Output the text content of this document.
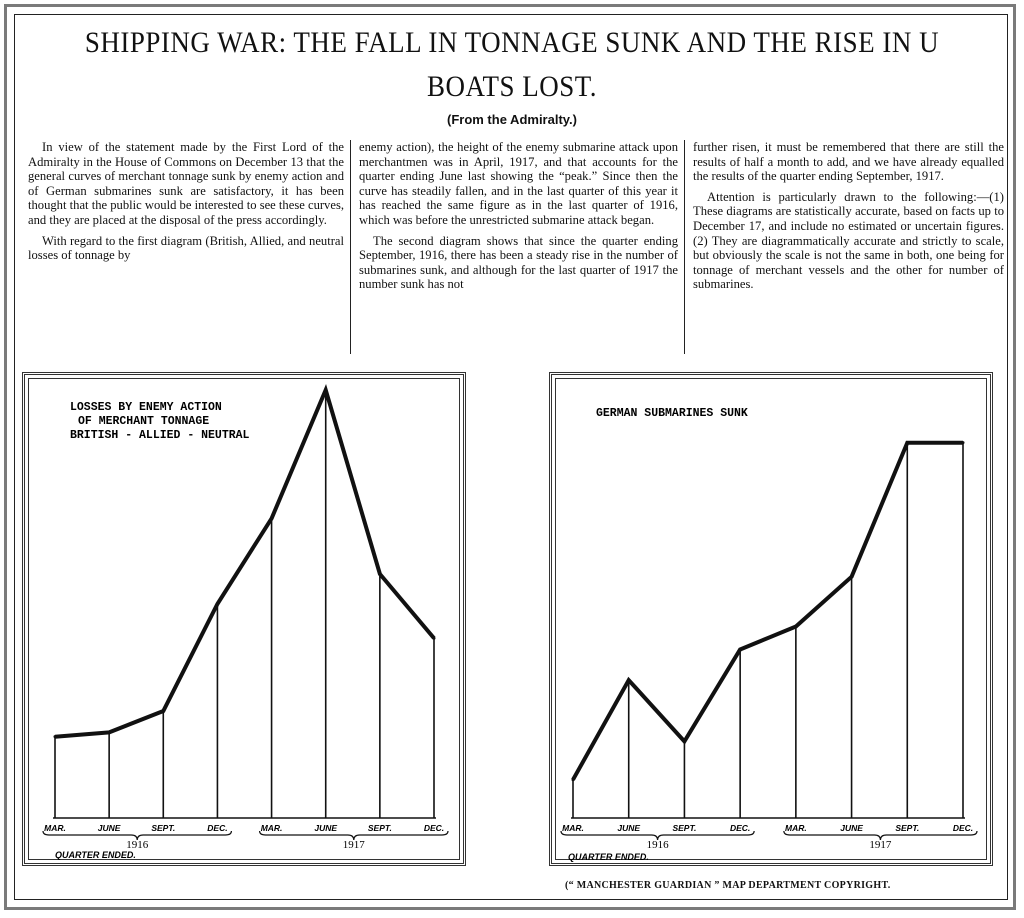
SHIPPING WAR: THE FALL IN TONNAGE SUNK AND THE RISE IN U BOATS LOST.
(From the Admiralty.)

In view of the statement made by the First Lord of the Admiralty in the House of Commons on December 13 that the general curves of merchant tonnage sunk by enemy action and of German submarines sunk are satisfactory, it has been thought that the public would be interested to see these curves, and they are placed at the disposal of the press accordingly.

With regard to the first diagram (British, Allied, and neutral losses of tonnage by

enemy action), the height of the enemy submarine attack upon merchantmen was in April, 1917, and that accounts for the quarter ending June last showing the “peak.” Since then the curve has steadily fallen, and in the last quarter of this year it has reached the same figure as in the last quarter of 1916, which was before the unrestricted submarine attack began.

The second diagram shows that since the quarter ending September, 1916, there has been a steady rise in the number of submarines sunk, and although for the last quarter of 1917 the number sunk has not

further risen, it must be remembered that there are still the results of half a month to add, and we have already equalled the results of the quarter ending September, 1917.

Attention is particularly drawn to the following:—(1) These diagrams are statistically accurate, based on facts up to December 17, and include no estimated or uncertain figures. (2) They are diagrammatically accurate and strictly to scale, but obviously the scale is not the same in both, one being for tonnage of merchant vessels and the other for number of submarines.

LOSSES BY ENEMY ACTION
OF MERCHANT TONNAGE
BRITISH - ALLIED - NEUTRAL
MAR.	JUNE	SEPT.	DEC.	MAR.	JUNE	SEPT.	DEC.
1916	1917
QUARTER ENDED.
GERMAN SUBMARINES SUNK
MAR.	JUNE	SEPT.	DEC.	MAR.	JUNE	SEPT.	DEC.
1916	1917
QUARTER ENDED.
(“ MANCHESTER GUARDIAN ” MAP DEPARTMENT COPYRIGHT.
